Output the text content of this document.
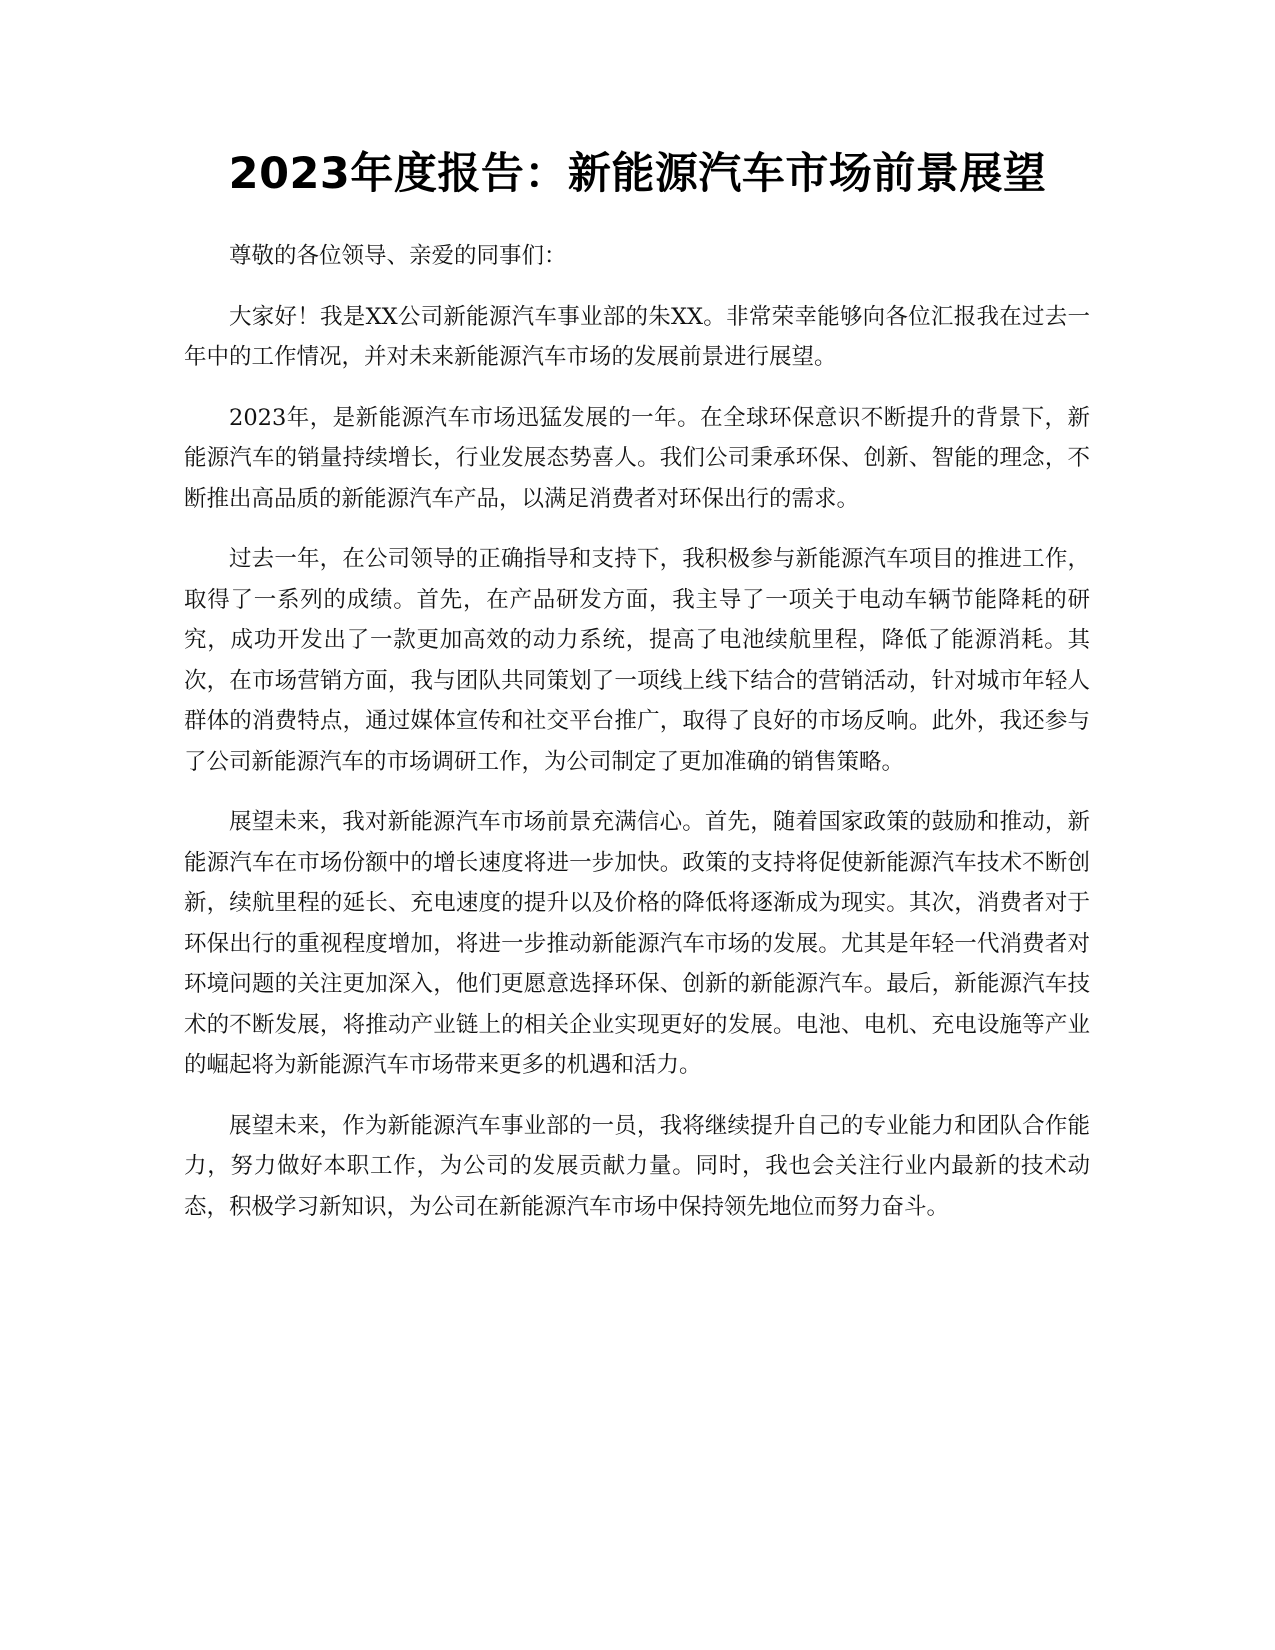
2023年度报告：新能源汽车市场前景展望

尊敬的各位领导、亲爱的同事们：

大家好！我是XX公司新能源汽车事业部的朱XX。非常荣幸能够向各位汇报我在过去一年中的工作情况，并对未来新能源汽车市场的发展前景进行展望。

2023年，是新能源汽车市场迅猛发展的一年。在全球环保意识不断提升的背景下，新能源汽车的销量持续增长，行业发展态势喜人。我们公司秉承环保、创新、智能的理念，不断推出高品质的新能源汽车产品，以满足消费者对环保出行的需求。

过去一年，在公司领导的正确指导和支持下，我积极参与新能源汽车项目的推进工作，取得了一系列的成绩。首先，在产品研发方面，我主导了一项关于电动车辆节能降耗的研究，成功开发出了一款更加高效的动力系统，提高了电池续航里程，降低了能源消耗。其次，在市场营销方面，我与团队共同策划了一项线上线下结合的营销活动，针对城市年轻人群体的消费特点，通过媒体宣传和社交平台推广，取得了良好的市场反响。此外，我还参与了公司新能源汽车的市场调研工作，为公司制定了更加准确的销售策略。

展望未来，我对新能源汽车市场前景充满信心。首先，随着国家政策的鼓励和推动，新能源汽车在市场份额中的增长速度将进一步加快。政策的支持将促使新能源汽车技术不断创新，续航里程的延长、充电速度的提升以及价格的降低将逐渐成为现实。其次，消费者对于环保出行的重视程度增加，将进一步推动新能源汽车市场的发展。尤其是年轻一代消费者对环境问题的关注更加深入，他们更愿意选择环保、创新的新能源汽车。最后，新能源汽车技术的不断发展，将推动产业链上的相关企业实现更好的发展。电池、电机、充电设施等产业的崛起将为新能源汽车市场带来更多的机遇和活力。

展望未来，作为新能源汽车事业部的一员，我将继续提升自己的专业能力和团队合作能力，努力做好本职工作，为公司的发展贡献力量。同时，我也会关注行业内最新的技术动态，积极学习新知识，为公司在新能源汽车市场中保持领先地位而努力奋斗。
